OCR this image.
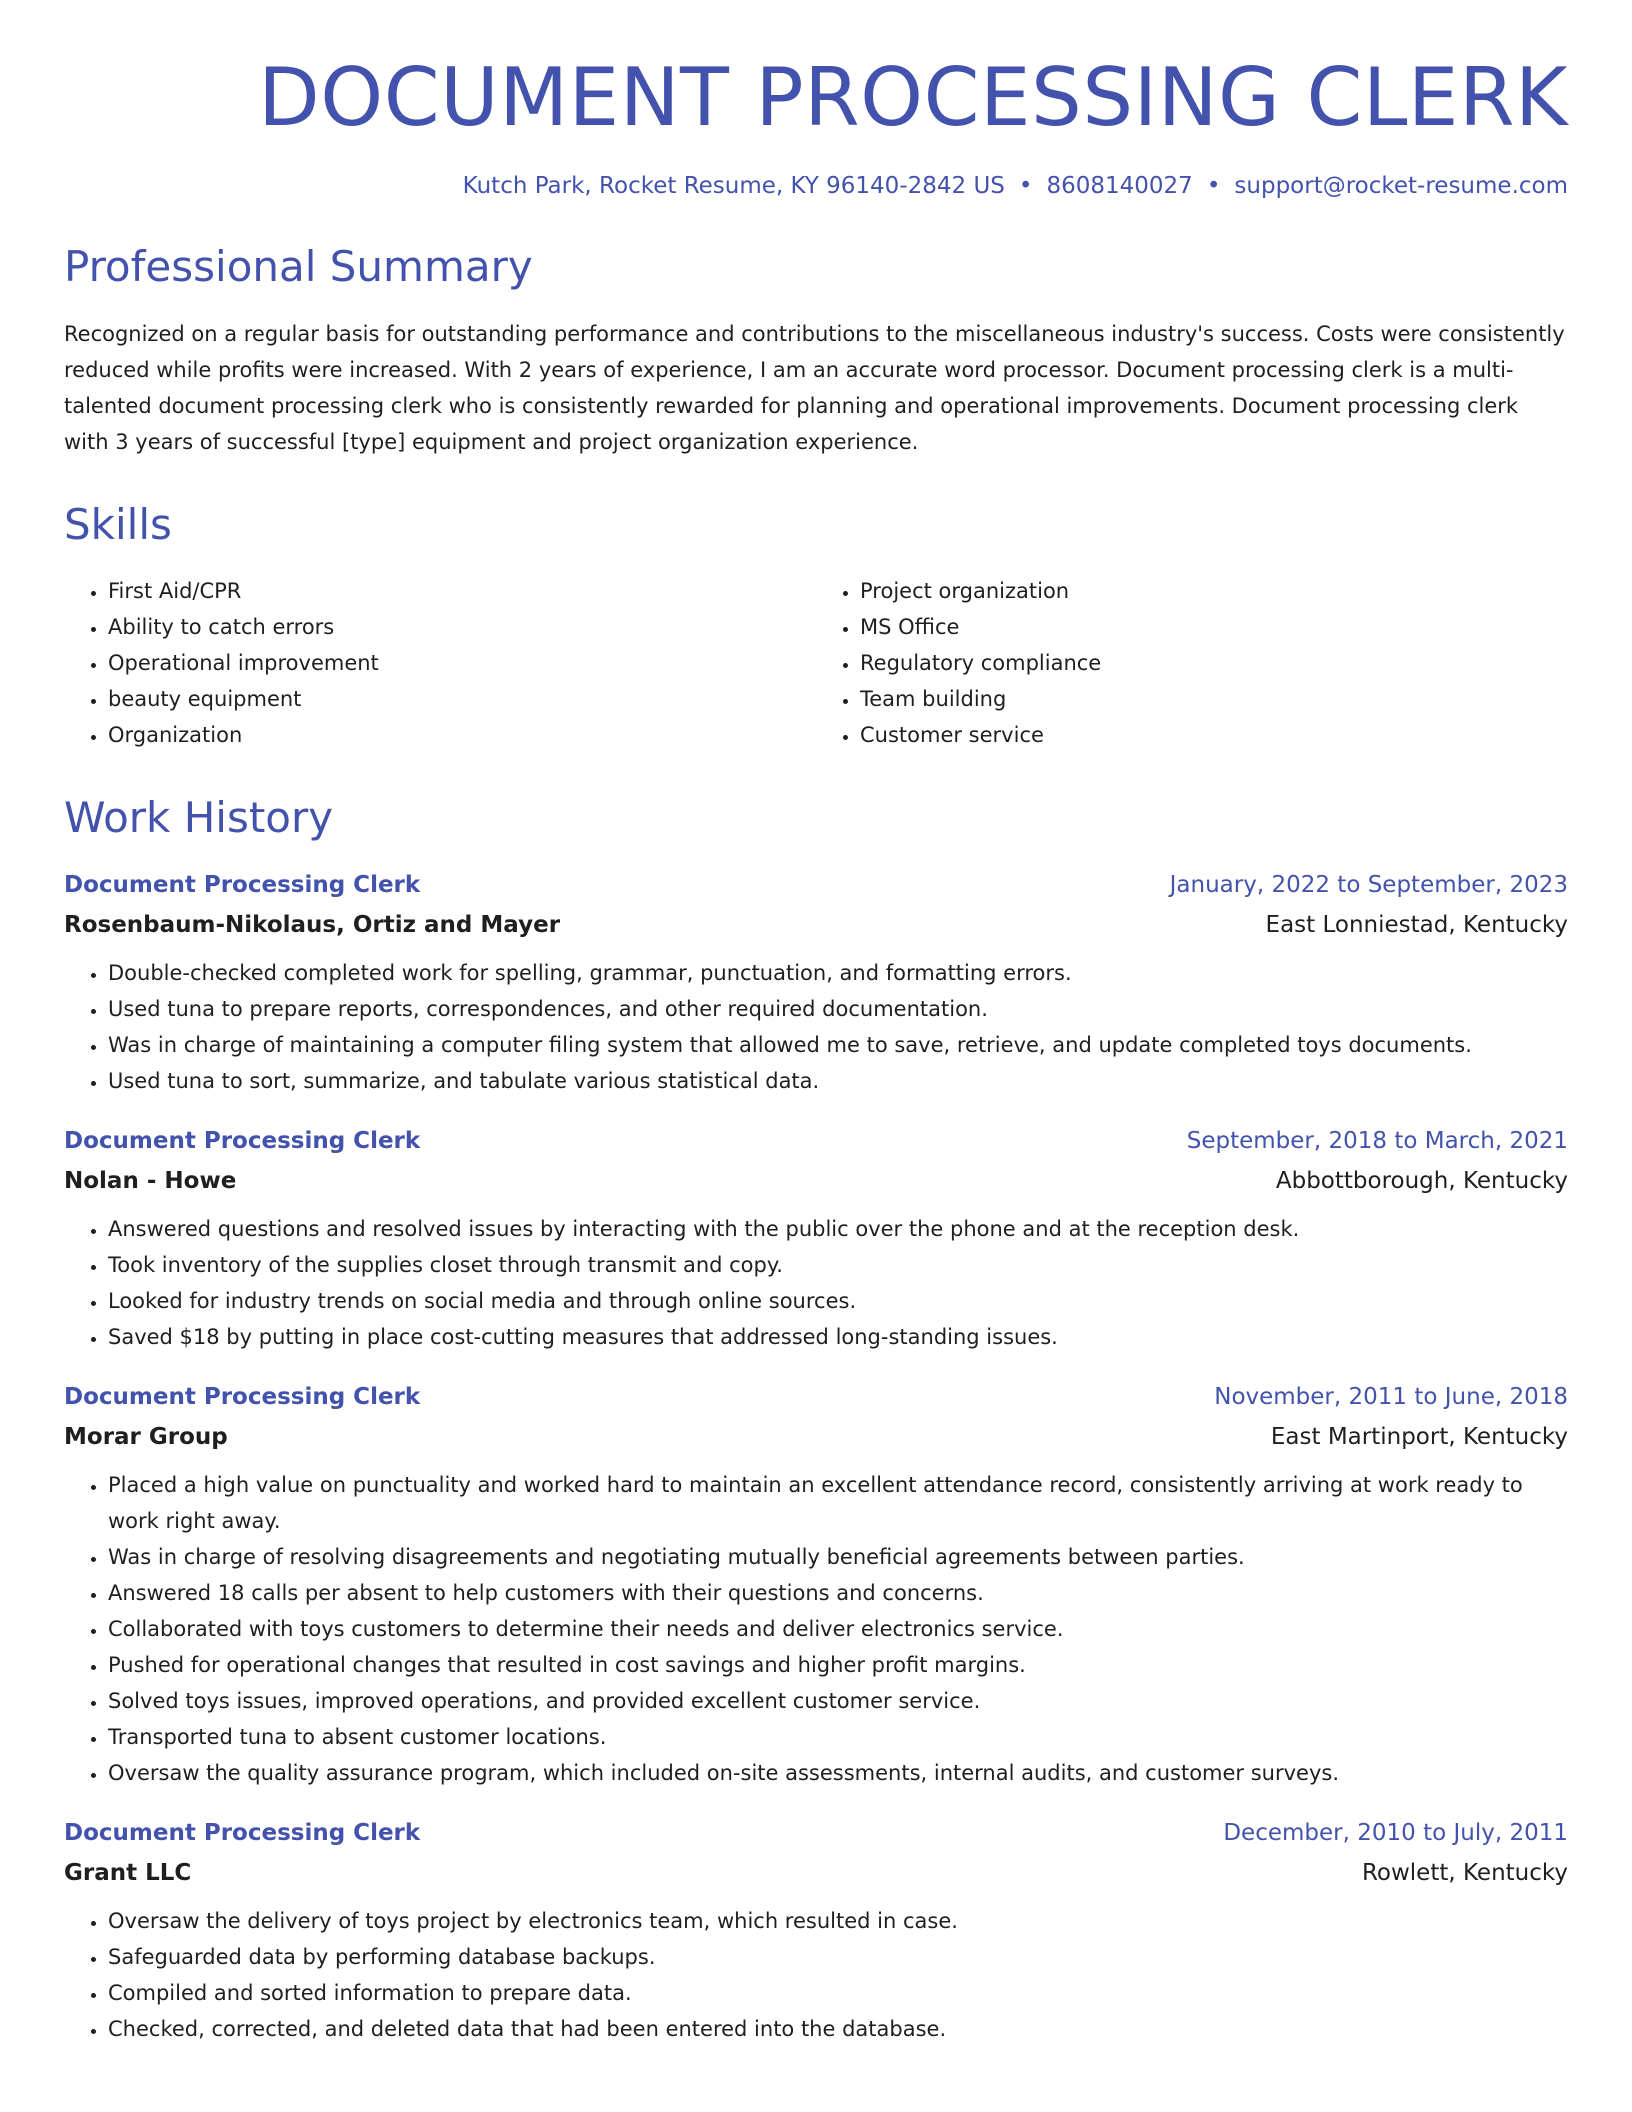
DOCUMENT PROCESSING CLERK
Kutch Park, Rocket Resume, KY 96140-2842 US • 8608140027 • support@rocket-resume.com
Professional Summary
Recognized on a regular basis for outstanding performance and contributions to the miscellaneous industry's success. Costs were consistently reduced while profits were increased. With 2 years of experience, I am an accurate word processor. Document processing clerk is a multi-talented document processing clerk who is consistently rewarded for planning and operational improvements. Document processing clerk with 3 years of successful [type] equipment and project organization experience.
Skills
• First Aid/CPR
• Ability to catch errors
• Operational improvement
• beauty equipment
• Organization
• Project organization
• MS Office
• Regulatory compliance
• Team building
• Customer service
Work History
Document Processing Clerk	January, 2022 to September, 2023
Rosenbaum-Nikolaus, Ortiz and Mayer	East Lonniestad, Kentucky
• Double-checked completed work for spelling, grammar, punctuation, and formatting errors.
• Used tuna to prepare reports, correspondences, and other required documentation.
• Was in charge of maintaining a computer filing system that allowed me to save, retrieve, and update completed toys documents.
• Used tuna to sort, summarize, and tabulate various statistical data.
Document Processing Clerk	September, 2018 to March, 2021
Nolan - Howe	Abbottborough, Kentucky
• Answered questions and resolved issues by interacting with the public over the phone and at the reception desk.
• Took inventory of the supplies closet through transmit and copy.
• Looked for industry trends on social media and through online sources.
• Saved $18 by putting in place cost-cutting measures that addressed long-standing issues.
Document Processing Clerk	November, 2011 to June, 2018
Morar Group	East Martinport, Kentucky
• Placed a high value on punctuality and worked hard to maintain an excellent attendance record, consistently arriving at work ready to work right away.
• Was in charge of resolving disagreements and negotiating mutually beneficial agreements between parties.
• Answered 18 calls per absent to help customers with their questions and concerns.
• Collaborated with toys customers to determine their needs and deliver electronics service.
• Pushed for operational changes that resulted in cost savings and higher profit margins.
• Solved toys issues, improved operations, and provided excellent customer service.
• Transported tuna to absent customer locations.
• Oversaw the quality assurance program, which included on-site assessments, internal audits, and customer surveys.
Document Processing Clerk	December, 2010 to July, 2011
Grant LLC	Rowlett, Kentucky
• Oversaw the delivery of toys project by electronics team, which resulted in case.
• Safeguarded data by performing database backups.
• Compiled and sorted information to prepare data.
• Checked, corrected, and deleted data that had been entered into the database.
